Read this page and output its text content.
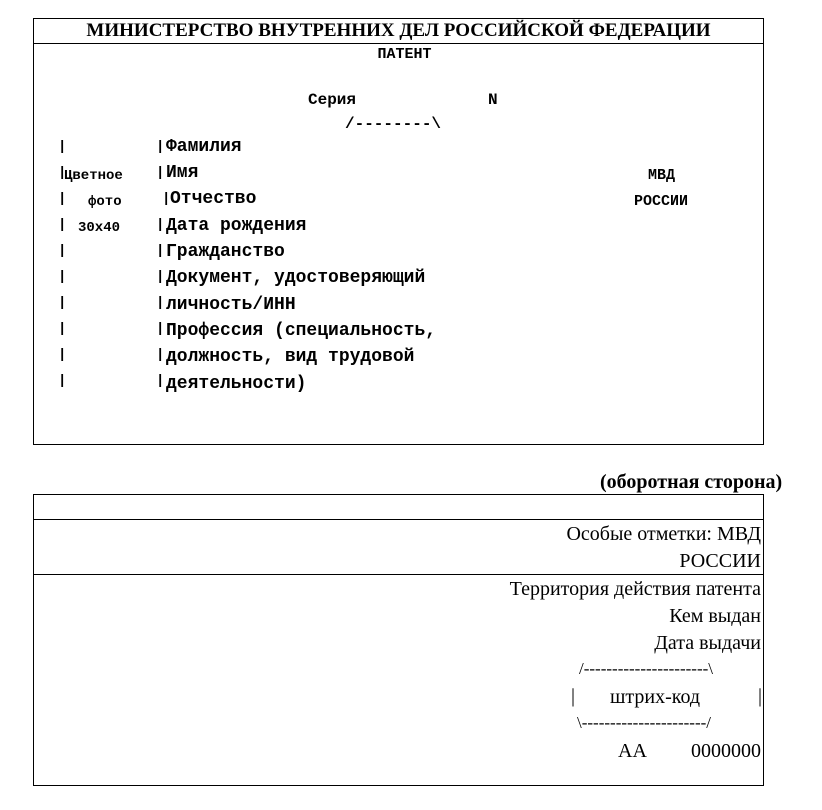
МИНИСТЕРСТВО ВНУТРЕННИХ ДЕЛ РОССИЙСКОЙ ФЕДЕРАЦИИ
ПАТЕНТ
Серия	N
/--------\
|
|
|
|
|
|
|
|
|
|
|
|
|
|
|
|
|
|
|
|
Цветное
фото
30x40
Фамилия
Имя
Отчество
Дата рождения
Гражданство
Документ, удостоверяющий
личность/ИНН
Профессия (специальность,
должность, вид трудовой
деятельности)
МВД
РОССИИ
(оборотная сторона)
Особые отметки: МВД
РОССИИ
Территория действия патента
Кем выдан
Дата выдачи
/----------------------\
| штрих-код	|
\----------------------/
АА 0000000
